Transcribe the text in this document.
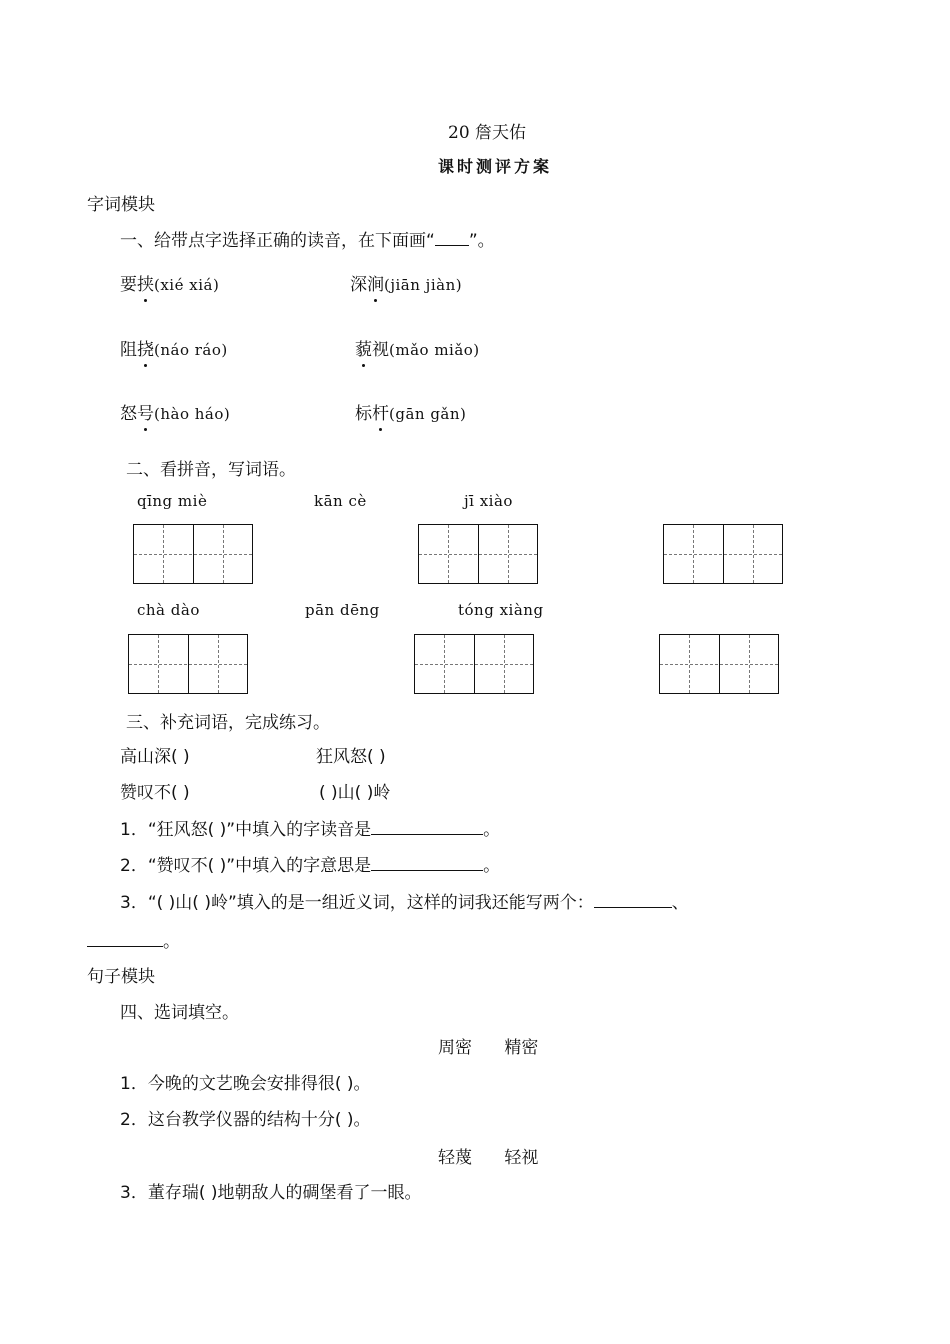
20 詹天佑
课时测评方案
字词模块
一、给带点字选择正确的读音，在下面画“ ”。
要挟(xié xiá)	深涧(jiān jiàn)
阻挠(náo ráo)	藐视(mǎo miǎo)
怒号(hào háo)	标杆(gān gǎn)
二、看拼音，写词语。
qīng miè	kān cè	jī xiào
chà dào	pān dēng	tóng xiàng
三、补充词语，完成练习。
高山深( )	狂风怒( )
赞叹不( )	( )山( )岭
1．“狂风怒( )”中填入的字读音是	。
2．“赞叹不( )”中填入的字意思是	。
3．“( )山( )岭”填入的是一组近义词，这样的词我还能写两个：	、
。
句子模块
四、选词填空。
周密      精密
1．今晚的文艺晚会安排得很( )。
2．这台教学仪器的结构十分( )。
轻蔑      轻视
3．董存瑞( )地朝敌人的碉堡看了一眼。
